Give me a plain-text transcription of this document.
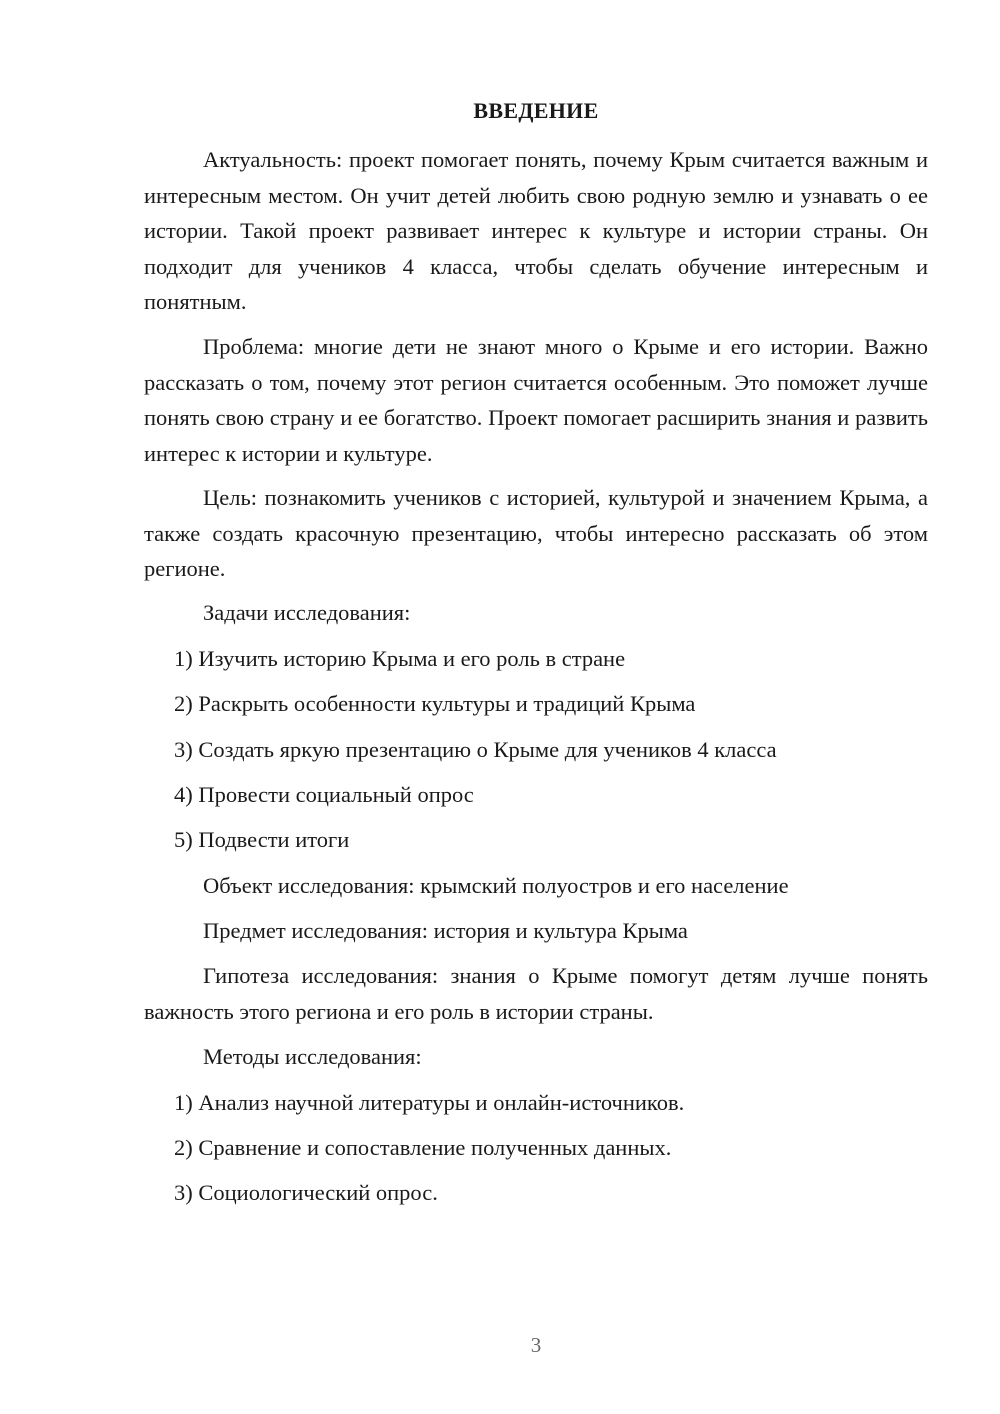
ВВЕДЕНИЕ

Актуальность: проект помогает понять, почему Крым считается важным и интересным местом. Он учит детей любить свою родную землю и узнавать о ее истории. Такой проект развивает интерес к культуре и истории страны. Он подходит для учеников 4 класса, чтобы сделать обучение интересным и понятным.

Проблема: многие дети не знают много о Крыме и его истории. Важно рассказать о том, почему этот регион считается особенным. Это поможет лучше понять свою страну и ее богатство. Проект помогает расширить знания и развить интерес к истории и культуре.

Цель: познакомить учеников с историей, культурой и значением Крыма, а также создать красочную презентацию, чтобы интересно рассказать об этом регионе.

Задачи исследования:

1) Изучить историю Крыма и его роль в стране

2) Раскрыть особенности культуры и традиций Крыма

3) Создать яркую презентацию о Крыме для учеников 4 класса

4) Провести социальный опрос

5) Подвести итоги

Объект исследования: крымский полуостров и его население

Предмет исследования: история и культура Крыма

Гипотеза исследования: знания о Крыме помогут детям лучше понять важность этого региона и его роль в истории страны.

Методы исследования:

1) Анализ научной литературы и онлайн-источников.

2) Сравнение и сопоставление полученных данных.

3) Социологический опрос.

3
